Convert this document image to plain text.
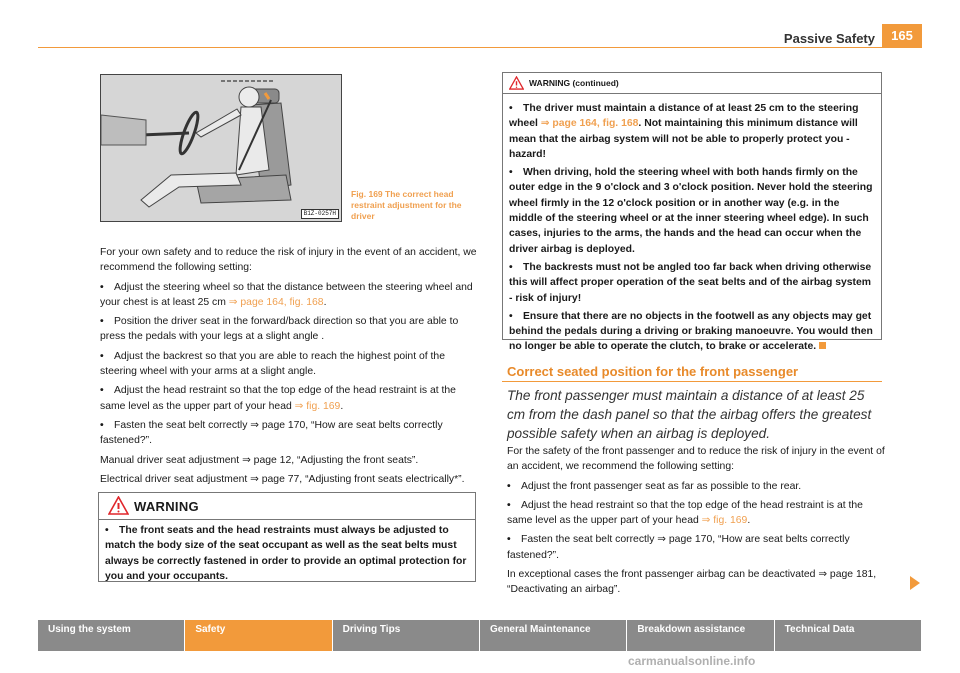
Passive Safety	165
B1Z-0257H
Fig. 169 The correct head restraint adjustment for the driver

For your own safety and to reduce the risk of injury in the event of an accident, we recommend the following setting:

• Adjust the steering wheel so that the distance between the steering wheel and your chest is at least 25 cm ⇒ page 164, fig. 168.

• Position the driver seat in the forward/back direction so that you are able to press the pedals with your legs at a slight angle .

• Adjust the backrest so that you are able to reach the highest point of the steering wheel with your arms at a slight angle.

• Adjust the head restraint so that the top edge of the head restraint is at the same level as the upper part of your head ⇒ fig. 169.

• Fasten the seat belt correctly ⇒ page 170, “How are seat belts correctly fastened?”.

Manual driver seat adjustment ⇒ page 12, “Adjusting the front seats”.

Electrical driver seat adjustment ⇒ page 77, “Adjusting front seats electrically*”.

WARNING
• The front seats and the head restraints must always be adjusted to match the body size of the seat occupant as well as the seat belts must always be correctly fastened in order to provide an optimal protection for you and your occupants.
WARNING (continued)

• The driver must maintain a distance of at least 25 cm to the steering wheel ⇒ page 164, fig. 168. Not maintaining this minimum distance will mean that the airbag system will not be able to properly protect you - hazard!

• When driving, hold the steering wheel with both hands firmly on the outer edge in the 9 o'clock and 3 o'clock position. Never hold the steering wheel firmly in the 12 o'clock position or in another way (e.g. in the middle of the steering wheel or at the inner steering wheel edge). In such cases, injuries to the arms, the hands and the head can occur when the driver airbag is deployed.

• The backrests must not be angled too far back when driving otherwise this will affect proper operation of the seat belts and of the airbag system - risk of injury!

• Ensure that there are no objects in the footwell as any objects may get behind the pedals during a driving or braking manoeuvre. You would then no longer be able to operate the clutch, to brake or accelerate.

Correct seated position for the front passenger
The front passenger must maintain a distance of at least 25 cm from the dash panel so that the airbag offers the greatest possible safety when an airbag is deployed.

For the safety of the front passenger and to reduce the risk of injury in the event of an accident, we recommend the following setting:

• Adjust the front passenger seat as far as possible to the rear.

• Adjust the head restraint so that the top edge of the head restraint is at the same level as the upper part of your head ⇒ fig. 169.

• Fasten the seat belt correctly ⇒ page 170, “How are seat belts correctly fastened?”.

In exceptional cases the front passenger airbag can be deactivated ⇒ page 181, “Deactivating an airbag”.

Using the system	Safety	Driving Tips	General Maintenance	Breakdown assistance	Technical Data
carmanualsonline.info
